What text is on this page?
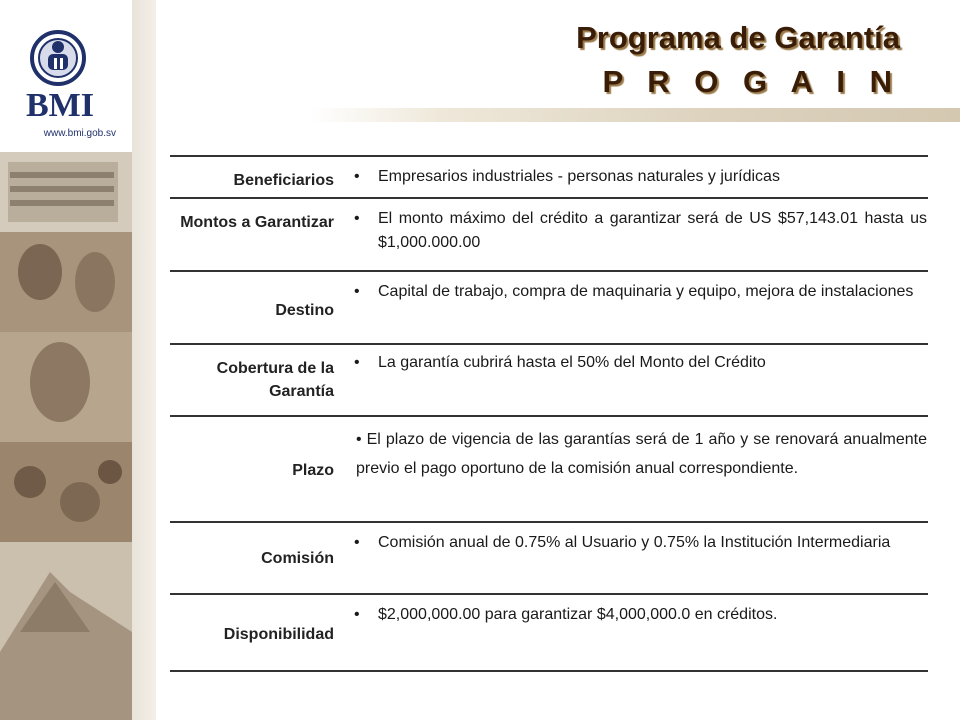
BMI
www.bmi.gob.sv
Programa de Garantía
P R O G A I N
Beneficiarios	• Empresarios industriales - personas naturales y jurídicas

Montos a Garantizar	• El monto máximo del crédito a garantizar será de US $57,143.01 hasta us $1,000.000.00

Destino	• Capital de trabajo, compra de maquinaria y equipo, mejora de instalaciones

Cobertura de la Garantía	• La garantía cubrirá hasta el 50% del Monto del Crédito

Plazo	• El plazo de vigencia de las garantías será de 1 año y se renovará anualmente previo el pago oportuno de la comisión anual correspondiente.
Comisión	• Comisión anual de 0.75% al Usuario y 0.75% la Institución Intermediaria

Disponibilidad	• $2,000,000.00 para garantizar $4,000,000.0 en créditos.
